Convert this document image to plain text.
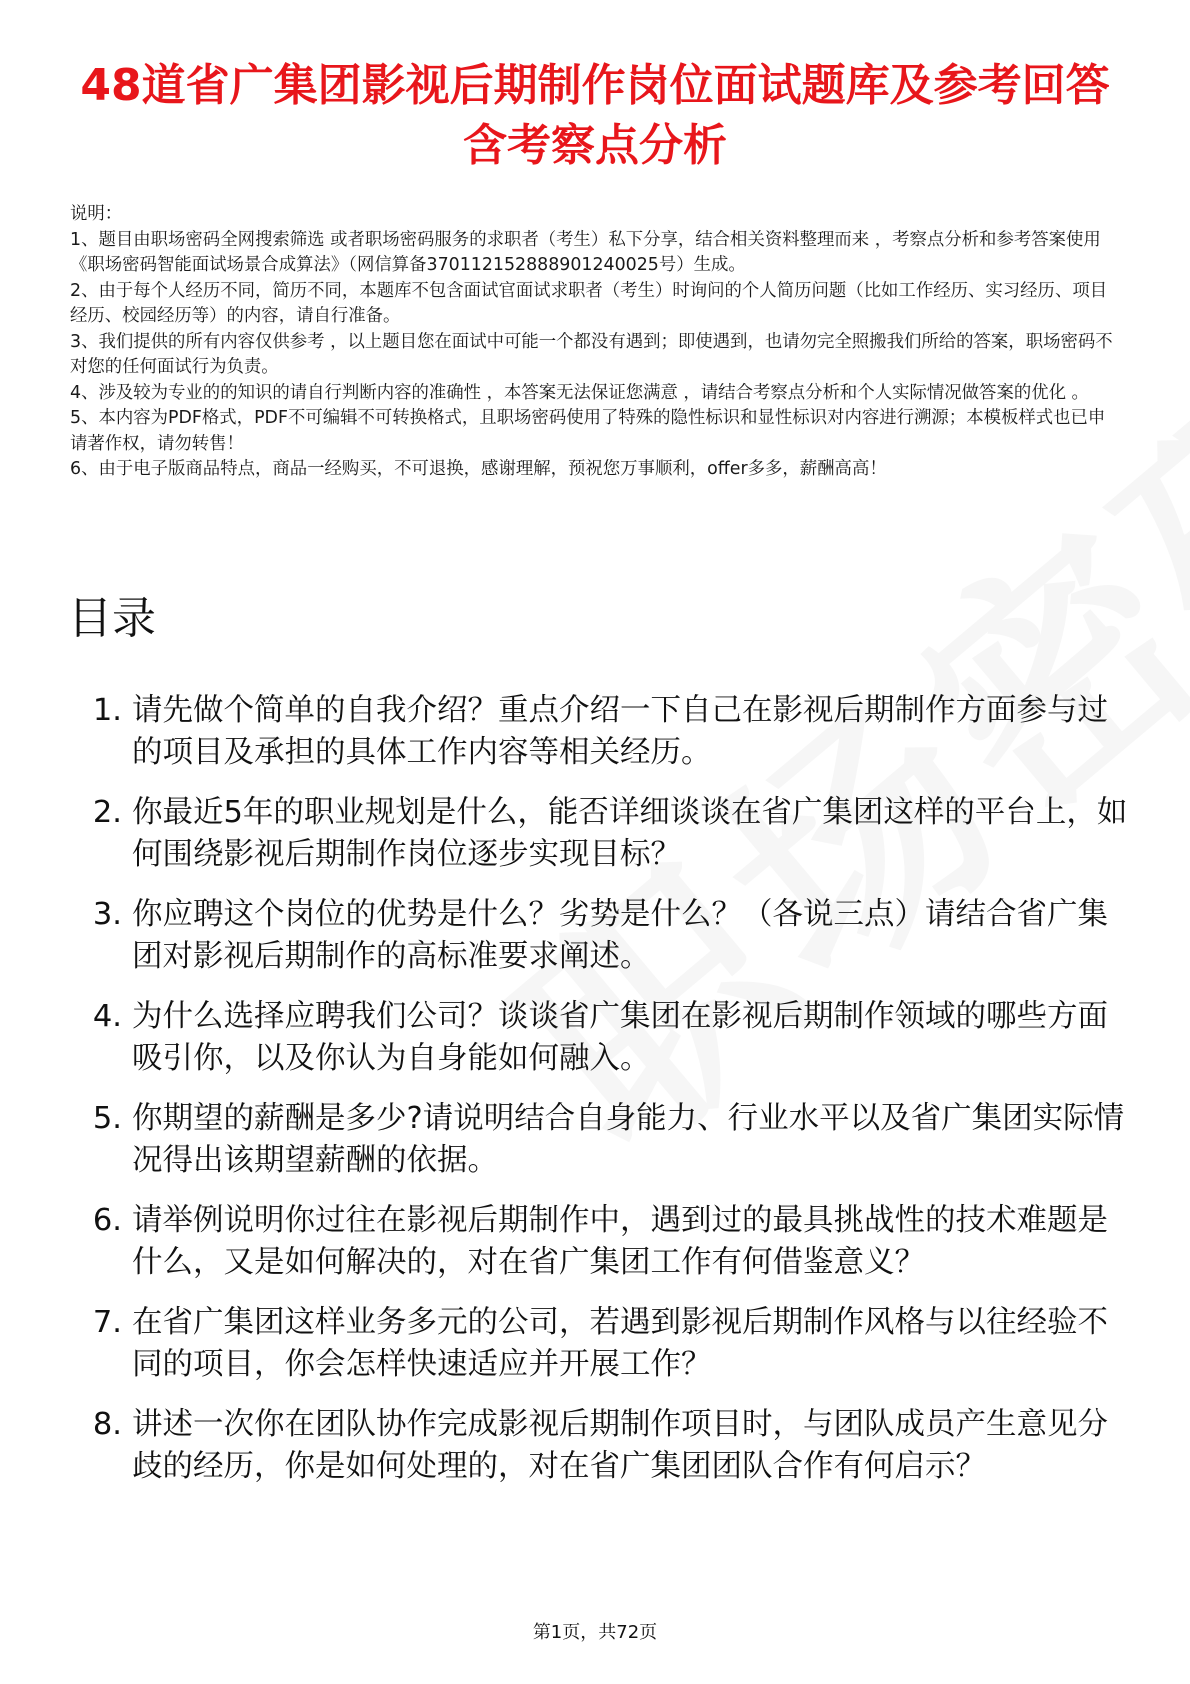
48道省广集团影视后期制作岗位面试题库及参考回答含考察点分析

说明：

1、题目由职场密码全网搜索筛选 或者职场密码服务的求职者（考生）私下分享，结合相关资料整理而来 ，考察点分析和参考答案使用《职场密码智能面试场景合成算法》（网信算备370112152888901240025号）生成。

2、由于每个人经历不同，简历不同，本题库不包含面试官面试求职者（考生）时询问的个人简历问题（比如工作经历、实习经历、项目经历、校园经历等）的内容，请自行准备。

3、我们提供的所有内容仅供参考 ，以上题目您在面试中可能一个都没有遇到；即使遇到，也请勿完全照搬我们所给的答案，职场密码不对您的任何面试行为负责。

4、涉及较为专业的的知识的请自行判断内容的准确性 ，本答案无法保证您满意 ，请结合考察点分析和个人实际情况做答案的优化 。

5、本内容为PDF格式，PDF不可编辑不可转换格式，且职场密码使用了特殊的隐性标识和显性标识对内容进行溯源；本模板样式也已申请著作权，请勿转售！

6、由于电子版商品特点，商品一经购买，不可退换，感谢理解，预祝您万事顺利，offer多多，薪酬高高！

目录
1. 请先做个简单的自我介绍？重点介绍一下自己在影视后期制作方面参与过的项目及承担的具体工作内容等相关经历。
2. 你最近5年的职业规划是什么，能否详细谈谈在省广集团这样的平台上，如何围绕影视后期制作岗位逐步实现目标？
3. 你应聘这个岗位的优势是什么？劣势是什么？（各说三点）请结合省广集团对影视后期制作的高标准要求阐述。
4. 为什么选择应聘我们公司？谈谈省广集团在影视后期制作领域的哪些方面吸引你，以及你认为自身能如何融入。
5. 你期望的薪酬是多少?请说明结合自身能力、行业水平以及省广集团实际情况得出该期望薪酬的依据。
6. 请举例说明你过往在影视后期制作中，遇到过的最具挑战性的技术难题是什么，又是如何解决的，对在省广集团工作有何借鉴意义？
7. 在省广集团这样业务多元的公司，若遇到影视后期制作风格与以往经验不同的项目，你会怎样快速适应并开展工作？
8. 讲述一次你在团队协作完成影视后期制作项目时，与团队成员产生意见分歧的经历，你是如何处理的，对在省广集团团队合作有何启示？
第1页，共72页
